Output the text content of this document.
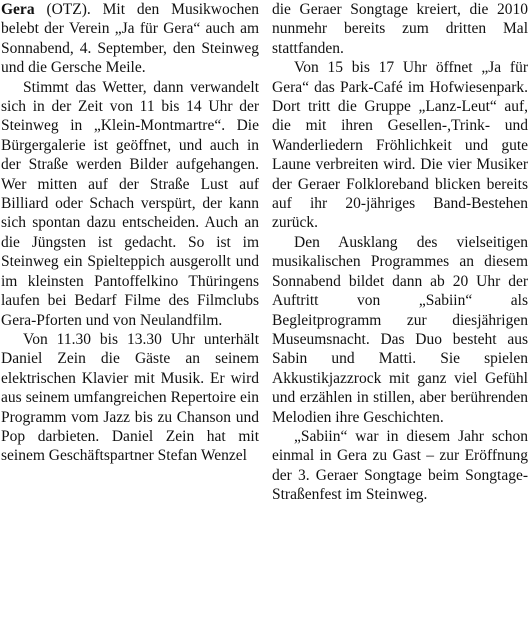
Gera (OTZ). Mit den Musikwochen belebt der Verein „Ja für Gera“ auch am Sonnabend, 4. September, den Steinweg und die Gersche Meile.

Stimmt das Wetter, dann verwandelt sich in der Zeit von 11 bis 14 Uhr der Steinweg in „Klein-Montmartre“. Die Bürgergalerie ist geöffnet, und auch in der Straße werden Bilder aufgehangen. Wer mitten auf der Straße Lust auf Billiard oder Schach verspürt, der kann sich spontan dazu entscheiden. Auch an die Jüngsten ist gedacht. So ist im Steinweg ein Spielteppich ausgerollt und im kleinsten Pantoffelkino Thüringens laufen bei Bedarf Filme des Filmclubs Gera-Pforten und von Neulandfilm.

Von 11.30 bis 13.30 Uhr unterhält Daniel Zein die Gäste an seinem elektrischen Klavier mit Musik. Er wird aus seinem umfangreichen Repertoire ein Programm vom Jazz bis zu Chanson und Pop darbieten. Daniel Zein hat mit seinem Geschäftspartner Stefan Wenzel

die Geraer Songtage kreiert, die 2010 nunmehr bereits zum dritten Mal stattfanden.

Von 15 bis 17 Uhr öffnet „Ja für Gera“ das Park-Café im Hofwiesenpark. Dort tritt die Gruppe „Lanz-Leut“ auf, die mit ihren Gesellen-,Trink- und Wanderliedern Fröhlichkeit und gute Laune verbreiten wird. Die vier Musiker der Geraer Folkloreband blicken bereits auf ihr 20-jähriges Band-Bestehen zurück.

Den Ausklang des vielseitigen musikalischen Programmes an diesem Sonnabend bildet dann ab 20 Uhr der Auftritt von „Sabiin“ als Begleitprogramm zur diesjährigen Museumsnacht. Das Duo besteht aus Sabin und Matti. Sie spielen Akkustikjazzrock mit ganz viel Gefühl und erzählen in stillen, aber berührenden Melodien ihre Geschichten.

„Sabiin“ war in diesem Jahr schon einmal in Gera zu Gast – zur Eröffnung der 3. Geraer Songtage beim Songtage-Straßenfest im Steinweg.
